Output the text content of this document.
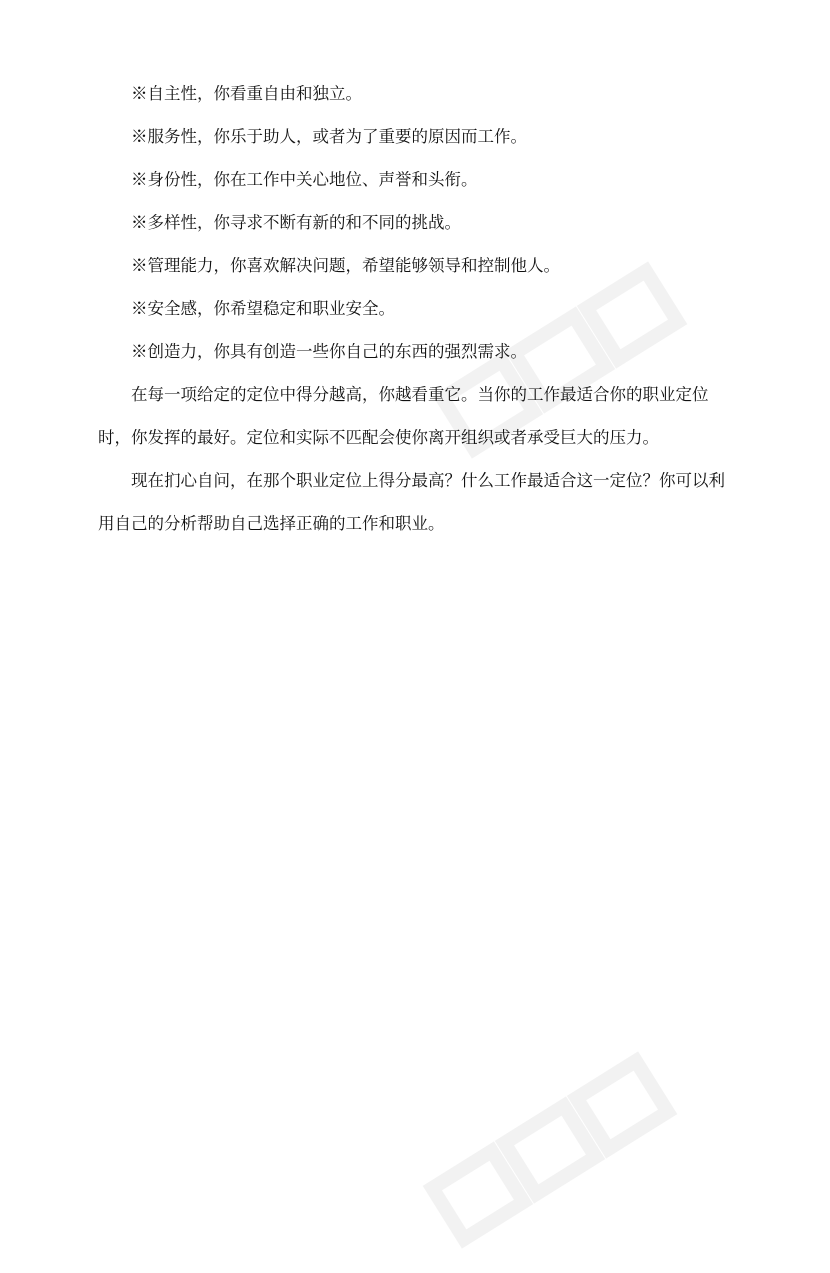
※自主性，你看重自由和独立。

※服务性，你乐于助人，或者为了重要的原因而工作。

※身份性，你在工作中关心地位、声誉和头衔。

※多样性，你寻求不断有新的和不同的挑战。

※管理能力，你喜欢解决问题，希望能够领导和控制他人。

※安全感，你希望稳定和职业安全。

※创造力，你具有创造一些你自己的东西的强烈需求。

在每一项给定的定位中得分越高，你越看重它。当你的工作最适合你的职业定位

时，你发挥的最好。定位和实际不匹配会使你离开组织或者承受巨大的压力。

现在扪心自问，在那个职业定位上得分最高？什么工作最适合这一定位？你可以利

用自己的分析帮助自己选择正确的工作和职业。
